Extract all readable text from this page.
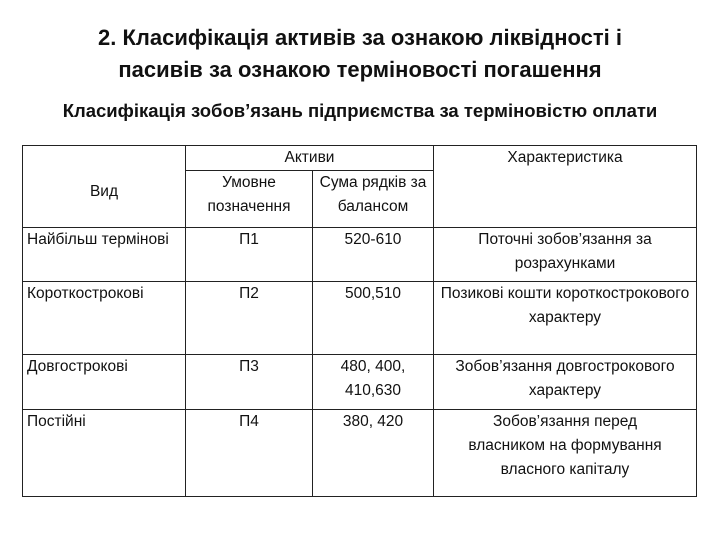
2. Класифікація активів за ознакою ліквідності і
пасивів за ознакою терміновості погашення
Класифікація зобов’язань підприємства за терміновістю оплати
Вид	Активи		Характеристика
	Умовне позначення	Сума рядків за балансом	
Найбільш термінові	П1	520-610	Поточні зобов’язання за розрахунками
Короткострокові	П2	500,510	Позикові кошти короткострокового характеру
Довгострокові	П3	480, 400, 410,630	Зобов’язання довгострокового характеру
Постійні	П4	380, 420	Зобов’язання перед власником на формування власного капіталу
